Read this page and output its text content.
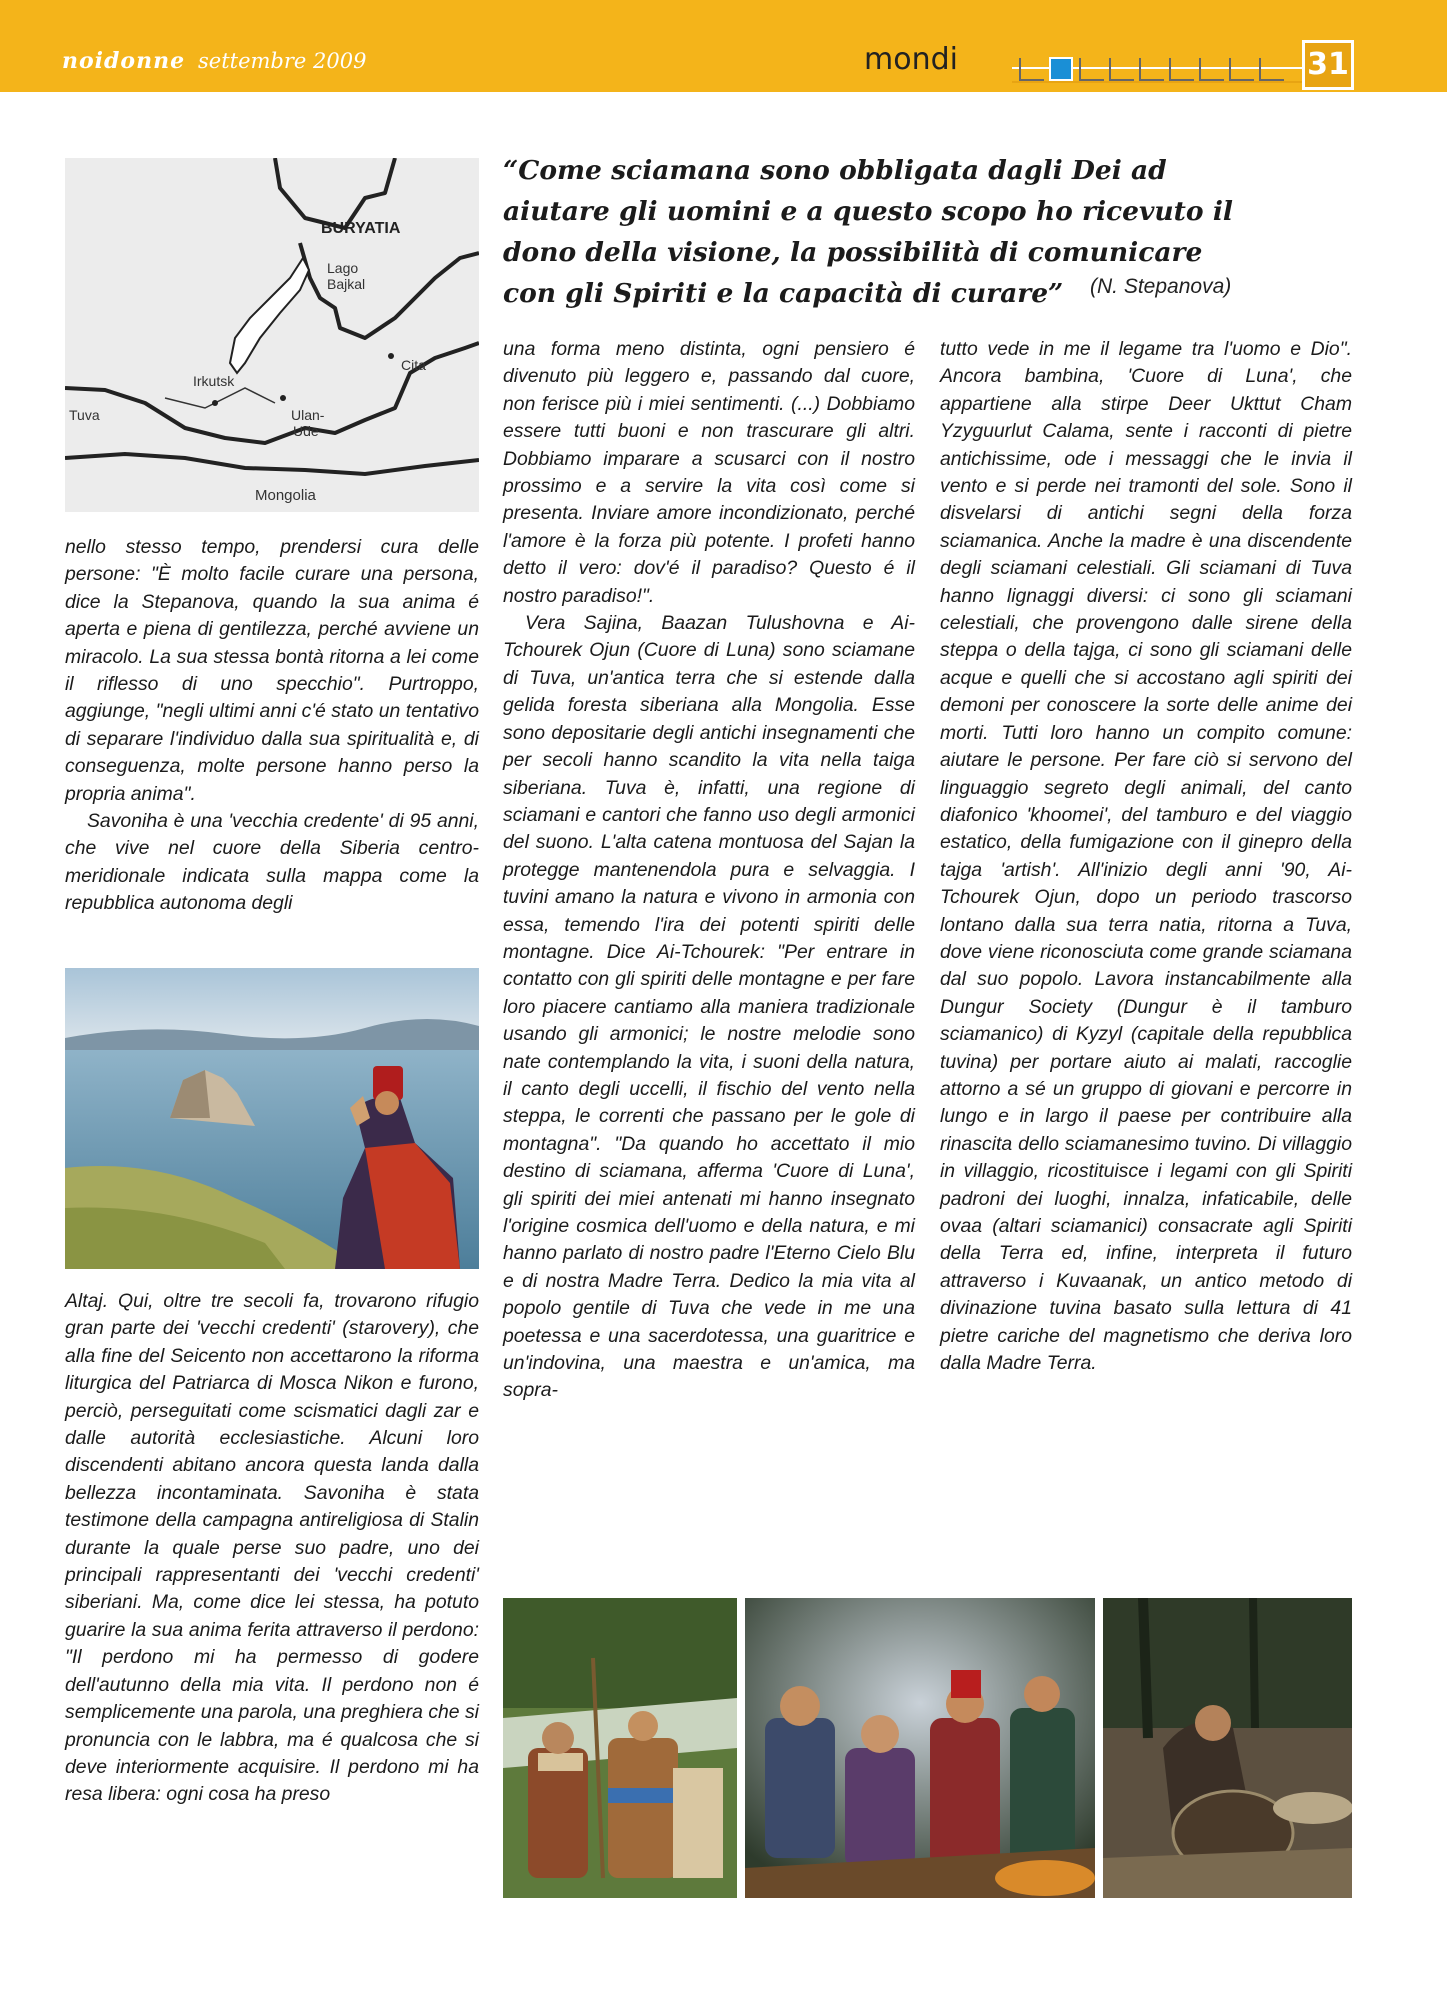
noidonne settembre 2009	mondi	31
“Come sciamana sono obbligata dagli Dei ad aiutare gli uomini e a questo scopo ho ricevuto il dono della visione, la possibilità di comunicare con gli Spiriti e la capacità di curare”	(N. Stepanova)
BURYATIA
Lago
Bajkal
Irkutsk
Ulan-
Ude
Cita
Tuva
Mongolia

nello stesso tempo, prendersi cura delle persone: "È molto facile curare una persona, dice la Stepanova, quando la sua anima é aperta e piena di gentilezza, perché avviene un miracolo. La sua stessa bontà ritorna a lei come il riflesso di uno specchio". Purtroppo, aggiunge, "negli ultimi anni c'é stato un tentativo di separare l'individuo dalla sua spiritualità e, di conseguenza, molte persone hanno perso la propria anima".

Savoniha è una 'vecchia credente' di 95 anni, che vive nel cuore della Siberia centro-meridionale indicata sulla mappa come la repubblica autonoma degli

Altaj. Qui, oltre tre secoli fa, trovarono rifugio gran parte dei 'vecchi credenti' (starovery), che alla fine del Seicento non accettarono la riforma liturgica del Patriarca di Mosca Nikon e furono, perciò, perseguitati come scismatici dagli zar e dalle autorità ecclesiastiche. Alcuni loro discendenti abitano ancora questa landa dalla bellezza incontaminata. Savoniha è stata testimone della campagna antireligiosa di Stalin durante la quale perse suo padre, uno dei principali rappresentanti dei 'vecchi credenti' siberiani. Ma, come dice lei stessa, ha potuto guarire la sua anima ferita attraverso il perdono: "Il perdono mi ha permesso di godere dell'autunno della mia vita. Il perdono non é semplicemente una parola, una preghiera che si pronuncia con le labbra, ma é qualcosa che si deve interiormente acquisire. Il perdono mi ha resa libera: ogni cosa ha preso

una forma meno distinta, ogni pensiero é divenuto più leggero e, passando dal cuore, non ferisce più i miei sentimenti. (...) Dobbiamo essere tutti buoni e non trascurare gli altri. Dobbiamo imparare a scusarci con il nostro prossimo e a servire la vita così come si presenta. Inviare amore incondizionato, perché l'amore è la forza più potente. I profeti hanno detto il vero: dov'é il paradiso? Questo é il nostro paradiso!".

Vera Sajina, Baazan Tulushovna e Ai-Tchourek Ojun (Cuore di Luna) sono sciamane di Tuva, un'antica terra che si estende dalla gelida foresta siberiana alla Mongolia. Esse sono depositarie degli antichi insegnamenti che per secoli hanno scandito la vita nella taiga siberiana. Tuva è, infatti, una regione di sciamani e cantori che fanno uso degli armonici del suono. L'alta catena montuosa del Sajan la protegge mantenendola pura e selvaggia. I tuvini amano la natura e vivono in armonia con essa, temendo l'ira dei potenti spiriti delle montagne. Dice Ai-Tchourek: "Per entrare in contatto con gli spiriti delle montagne e per fare loro piacere cantiamo alla maniera tradizionale usando gli armonici; le nostre melodie sono nate contemplando la vita, i suoni della natura, il canto degli uccelli, il fischio del vento nella steppa, le correnti che passano per le gole di montagna". "Da quando ho accettato il mio destino di sciamana, afferma 'Cuore di Luna', gli spiriti dei miei antenati mi hanno insegnato l'origine cosmica dell'uomo e della natura, e mi hanno parlato di nostro padre l'Eterno Cielo Blu e di nostra Madre Terra. Dedico la mia vita al popolo gentile di Tuva che vede in me una poetessa e una sacerdotessa, una guaritrice e un'indovina, una maestra e un'amica, ma sopra-

tutto vede in me il legame tra l'uomo e Dio". Ancora bambina, 'Cuore di Luna', che appartiene alla stirpe Deer Ukttut Cham Yzyguurlut Calama, sente i racconti di pietre antichissime, ode i messaggi che le invia il vento e si perde nei tramonti del sole. Sono il disvelarsi di antichi segni della forza sciamanica. Anche la madre è una discendente degli sciamani celestiali. Gli sciamani di Tuva hanno lignaggi diversi: ci sono gli sciamani celestiali, che provengono dalle sirene della steppa o della tajga, ci sono gli sciamani delle acque e quelli che si accostano agli spiriti dei demoni per conoscere la sorte delle anime dei morti. Tutti loro hanno un compito comune: aiutare le persone. Per fare ciò si servono del linguaggio segreto degli animali, del canto diafonico 'khoomei', del tamburo e del viaggio estatico, della fumigazione con il ginepro della tajga 'artish'. All'inizio degli anni '90, Ai-Tchourek Ojun, dopo un periodo trascorso lontano dalla sua terra natia, ritorna a Tuva, dove viene riconosciuta come grande sciamana dal suo popolo. Lavora instancabilmente alla Dungur Society (Dungur è il tamburo sciamanico) di Kyzyl (capitale della repubblica tuvina) per portare aiuto ai malati, raccoglie attorno a sé un gruppo di giovani e percorre in lungo e in largo il paese per contribuire alla rinascita dello sciamanesimo tuvino. Di villaggio in villaggio, ricostituisce i legami con gli Spiriti padroni dei luoghi, innalza, infaticabile, delle ovaa (altari sciamanici) consacrate agli Spiriti della Terra ed, infine, interpreta il futuro attraverso i Kuvaanak, un antico metodo di divinazione tuvina basato sulla lettura di 41 pietre cariche del magnetismo che deriva loro dalla Madre Terra.
